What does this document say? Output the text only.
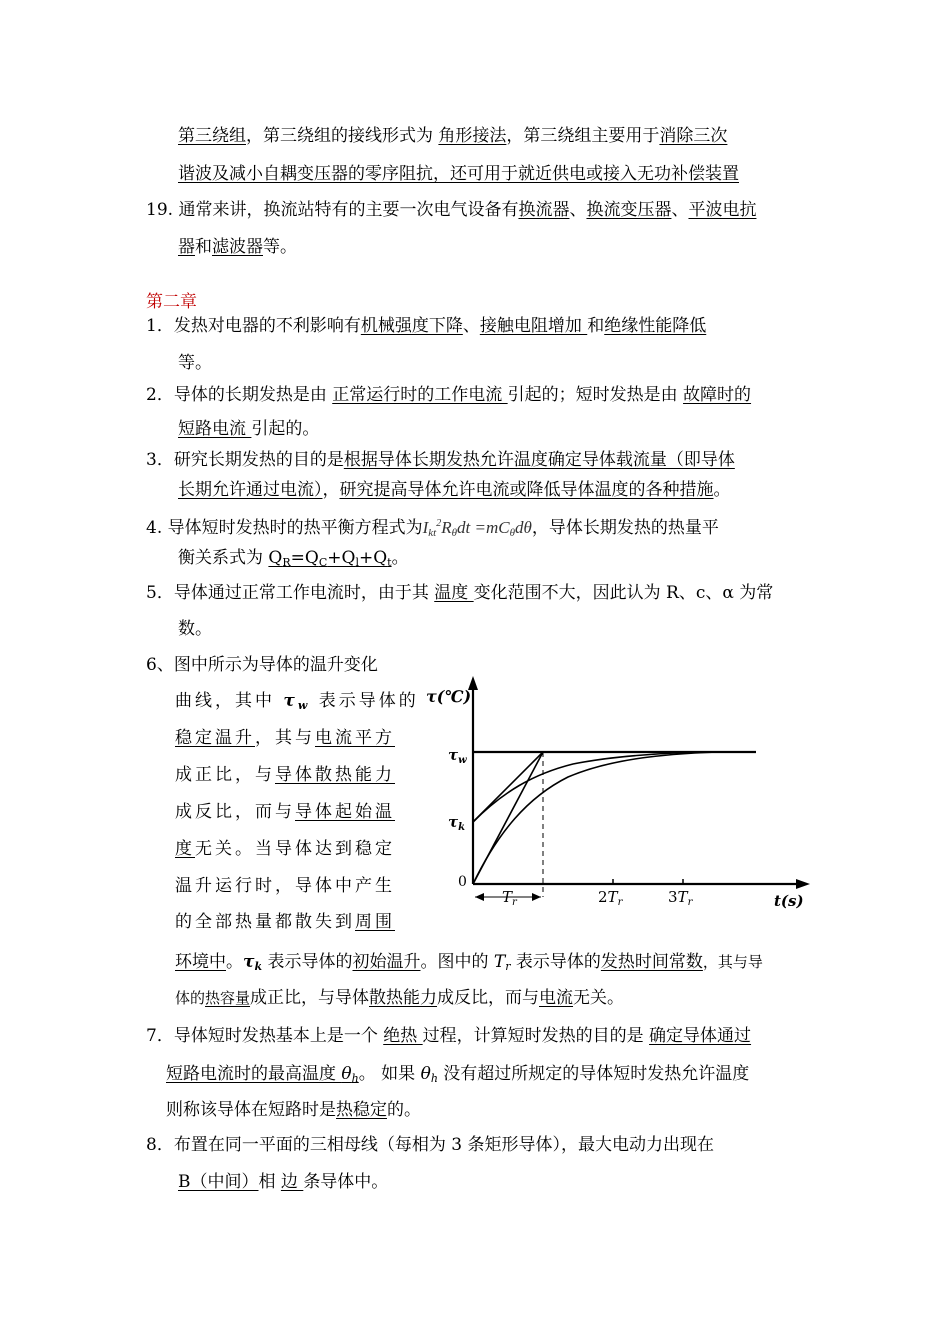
第三绕组，第三绕组的接线形式为 角形接法，第三绕组主要用于消除三次
谐波及减小自耦变压器的零序阻抗，还可用于就近供电或接入无功补偿装置
19. 通常来讲，换流站特有的主要一次电气设备有换流器、换流变压器、平波电抗
器和滤波器等。
第二章
1．发热对电器的不利影响有机械强度下降、接触电阻增加 和绝缘性能降低
等。
2．导体的长期发热是由 正常运行时的工作电流 引起的；短时发热是由 故障时的
短路电流 引起的。
3．研究长期发热的目的是根据导体长期发热允许温度确定导体载流量（即导体
长期允许通过电流），研究提高导体允许电流或降低导体温度的各种措施。
4. 导体短时发热时的热平衡方程式为$I_{kt}^2R_\theta dt =mC_\theta d\theta$，导体长期发热的热量平
衡关系式为 $Q_R=Q_C+Q_l+Q_t$。
5．导体通过正常工作电流时，由于其 温度 变化范围不大，因此认为 R、c、α 为常
数。
6、图中所示为导体的温升变化
曲线，其中 $\tau_w$ 表示导体的
稳定温升，其与电流平方
成正比，与导体散热能力
成反比，而与导体起始温
度无关。当导体达到稳定
温升运行时，导体中产生
的全部热量都散失到周围
环境中。$\tau_k$ 表示导体的初始温升。图中的 $T_r$ 表示导体的发热时间常数，其与导
体的热容量成正比，与导体散热能力成反比，而与电流无关。
τ(℃)
$\tau_w$
$\tau_k$
0
$T_r$	$2T_r$	$3T_r$	t(s)
7．导体短时发热基本上是一个 绝热 过程，计算短时发热的目的是 确定导体通过
短路电流时的最高温度 $\theta_h$。 如果 $\theta_h$ 没有超过所规定的导体短时发热允许温度
则称该导体在短路时是热稳定的。
8．布置在同一平面的三相母线（每相为 3 条矩形导体），最大电动力出现在
B（中间）相 边 条导体中。
